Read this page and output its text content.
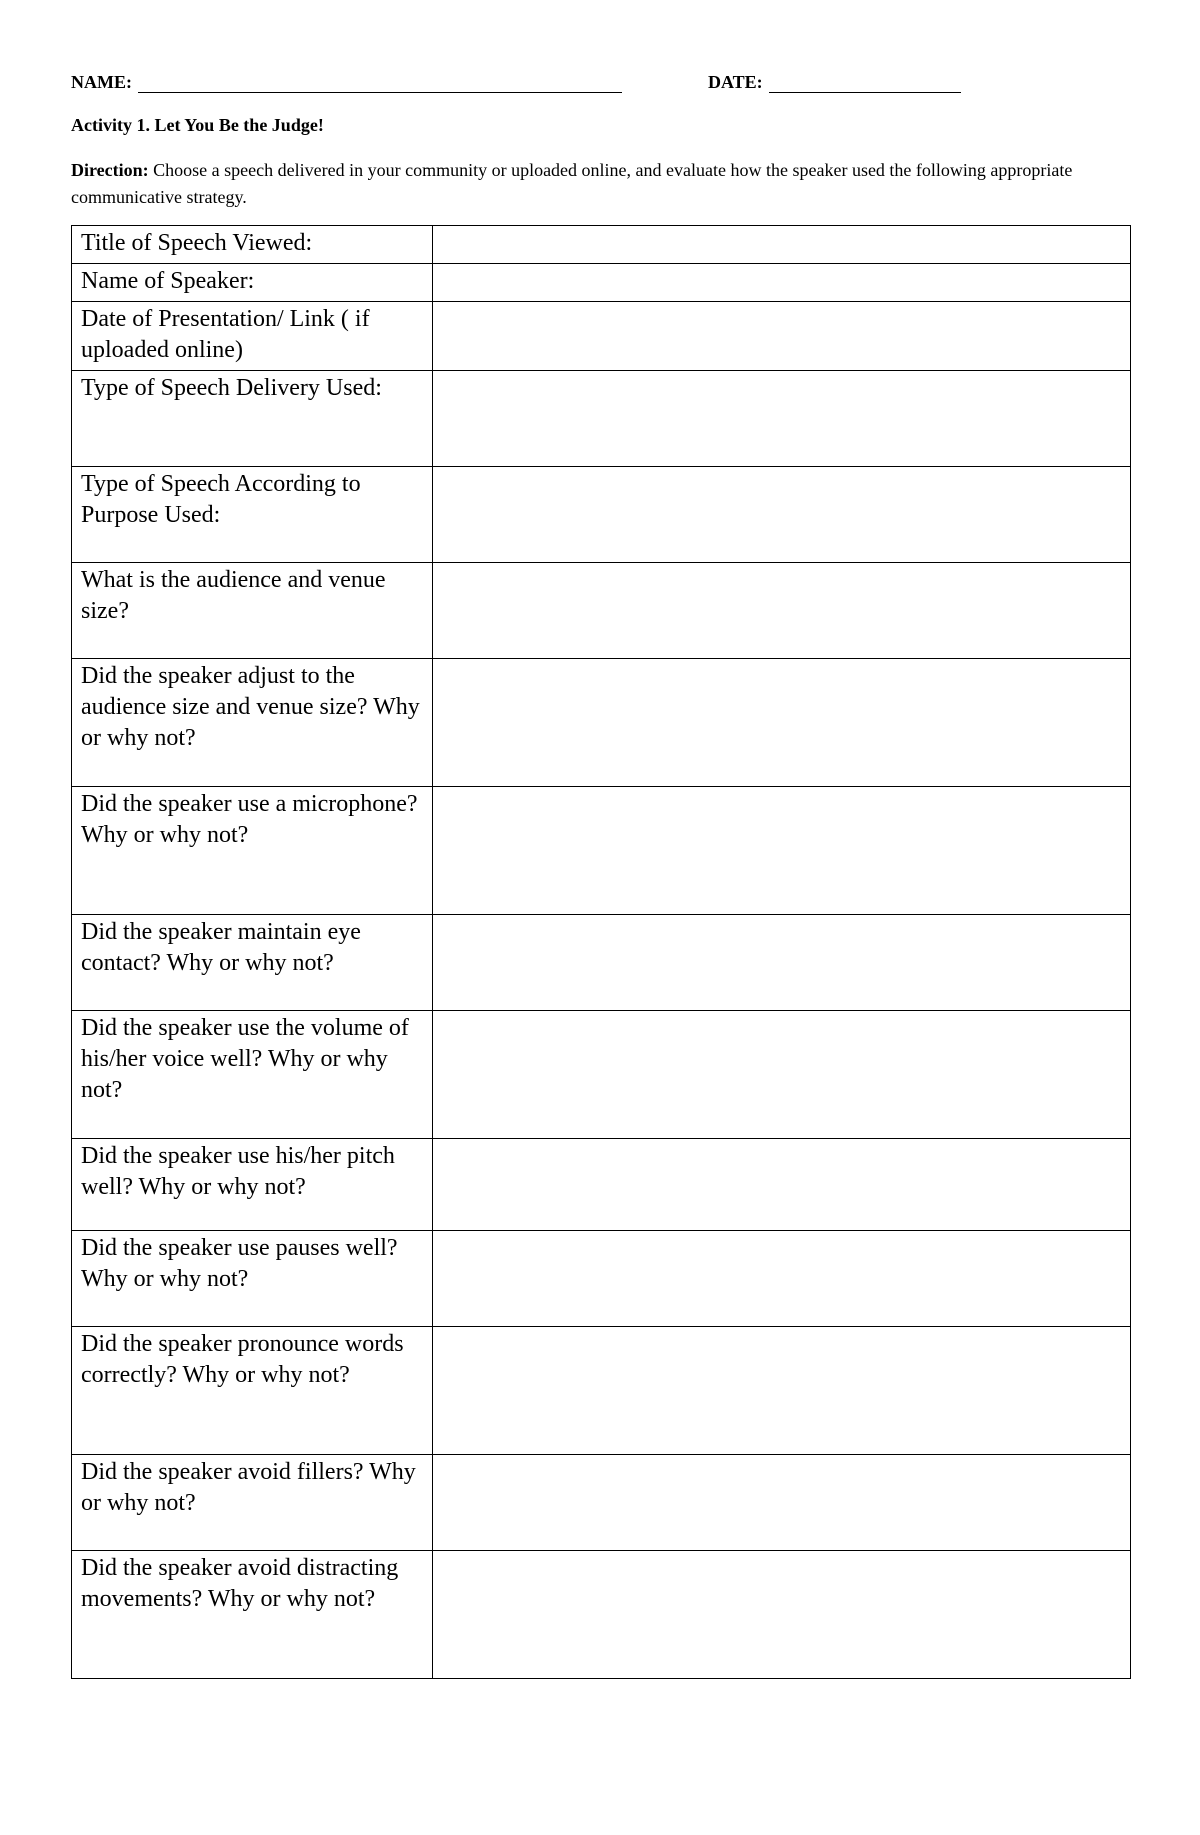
NAME:	DATE:
Activity 1. Let You Be the Judge!
Direction: Choose a speech delivered in your community or uploaded online, and evaluate how the speaker used the following appropriate communicative strategy.
Title of Speech Viewed:	
Name of Speaker:	
Date of Presentation/ Link ( if uploaded online)	
Type of Speech Delivery Used:	
Type of Speech According to Purpose Used:	
What is the audience and venue size?	
Did the speaker adjust to the audience size and venue size? Why or why not?	
Did the speaker use a microphone? Why or why not?	
Did the speaker maintain eye contact? Why or why not?	
Did the speaker use the volume of his/her voice well? Why or why not?	
Did the speaker use his/her pitch well? Why or why not?	
Did the speaker use pauses well? Why or why not?	
Did the speaker pronounce words correctly? Why or why not?	
Did the speaker avoid fillers? Why or why not?	
Did the speaker avoid distracting movements? Why or why not?	
